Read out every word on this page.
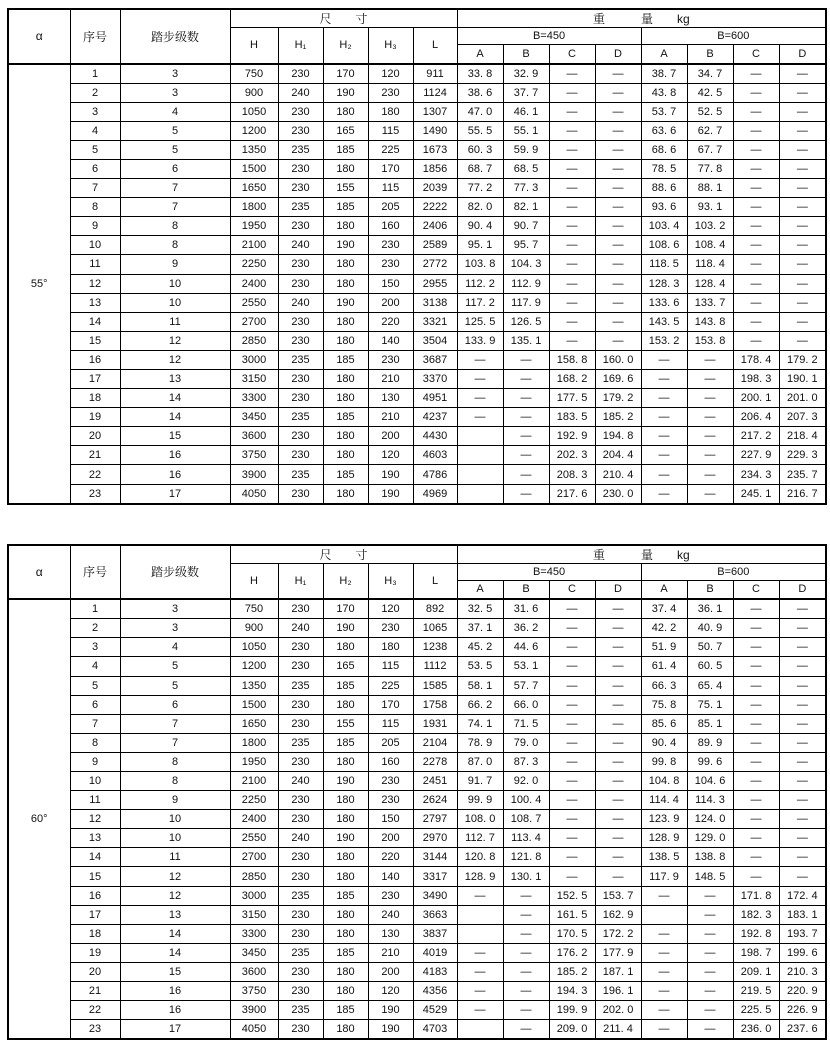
α	序号	踏步级数	尺　　寸					重　　　量　　kg							
			H	H₁	H₂	H₃	L	B=450				B=600			
								A	B	C	D	A	B	C	D
55°	1	3	750	230	170	120	911	33. 8	32. 9	—	—	38. 7	34. 7	—	—
	2	3	900	240	190	230	1124	38. 6	37. 7	—	—	43. 8	42. 5	—	—
	3	4	1050	230	180	180	1307	47. 0	46. 1	—	—	53. 7	52. 5	—	—
	4	5	1200	230	165	115	1490	55. 5	55. 1	—	—	63. 6	62. 7	—	—
	5	5	1350	235	185	225	1673	60. 3	59. 9	—	—	68. 6	67. 7	—	—
	6	6	1500	230	180	170	1856	68. 7	68. 5	—	—	78. 5	77. 8	—	—
	7	7	1650	230	155	115	2039	77. 2	77. 3	—	—	88. 6	88. 1	—	—
	8	7	1800	235	185	205	2222	82. 0	82. 1	—	—	93. 6	93. 1	—	—
	9	8	1950	230	180	160	2406	90. 4	90. 7	—	—	103. 4	103. 2	—	—
	10	8	2100	240	190	230	2589	95. 1	95. 7	—	—	108. 6	108. 4	—	—
	11	9	2250	230	180	230	2772	103. 8	104. 3	—	—	118. 5	118. 4	—	—
	12	10	2400	230	180	150	2955	112. 2	112. 9	—	—	128. 3	128. 4	—	—
	13	10	2550	240	190	200	3138	117. 2	117. 9	—	—	133. 6	133. 7	—	—
	14	11	2700	230	180	220	3321	125. 5	126. 5	—	—	143. 5	143. 8	—	—
	15	12	2850	230	180	140	3504	133. 9	135. 1	—	—	153. 2	153. 8	—	—
	16	12	3000	235	185	230	3687	—	—	158. 8	160. 0	—	—	178. 4	179. 2
	17	13	3150	230	180	210	3370	—	—	168. 2	169. 6	—	—	198. 3	190. 1
	18	14	3300	230	180	130	4951	—	—	177. 5	179. 2	—	—	200. 1	201. 0
	19	14	3450	235	185	210	4237	—	—	183. 5	185. 2	—	—	206. 4	207. 3
	20	15	3600	230	180	200	4430		—	192. 9	194. 8	—	—	217. 2	218. 4
	21	16	3750	230	180	120	4603		—	202. 3	204. 4	—	—	227. 9	229. 3
	22	16	3900	235	185	190	4786		—	208. 3	210. 4	—	—	234. 3	235. 7
	23	17	4050	230	180	190	4969		—	217. 6	230. 0	—	—	245. 1	216. 7
α	序号	踏步级数	尺　　寸					重　　　量　　kg							
			H	H₁	H₂	H₃	L	B=450				B=600			
								A	B	C	D	A	B	C	D
60°	1	3	750	230	170	120	892	32. 5	31. 6	—	—	37. 4	36. 1	—	—
	2	3	900	240	190	230	1065	37. 1	36. 2	—	—	42. 2	40. 9	—	—
	3	4	1050	230	180	180	1238	45. 2	44. 6	—	—	51. 9	50. 7	—	—
	4	5	1200	230	165	115	1112	53. 5	53. 1	—	—	61. 4	60. 5	—	—
	5	5	1350	235	185	225	1585	58. 1	57. 7	—	—	66. 3	65. 4	—	—
	6	6	1500	230	180	170	1758	66. 2	66. 0	—	—	75. 8	75. 1	—	—
	7	7	1650	230	155	115	1931	74. 1	71. 5	—	—	85. 6	85. 1	—	—
	8	7	1800	235	185	205	2104	78. 9	79. 0	—	—	90. 4	89. 9	—	—
	9	8	1950	230	180	160	2278	87. 0	87. 3	—	—	99. 8	99. 6	—	—
	10	8	2100	240	190	230	2451	91. 7	92. 0	—	—	104. 8	104. 6	—	—
	11	9	2250	230	180	230	2624	99. 9	100. 4	—	—	114. 4	114. 3	—	—
	12	10	2400	230	180	150	2797	108. 0	108. 7	—	—	123. 9	124. 0	—	—
	13	10	2550	240	190	200	2970	112. 7	113. 4	—	—	128. 9	129. 0	—	—
	14	11	2700	230	180	220	3144	120. 8	121. 8	—	—	138. 5	138. 8	—	—
	15	12	2850	230	180	140	3317	128. 9	130. 1	—	—	117. 9	148. 5	—	—
	16	12	3000	235	185	230	3490	—	—	152. 5	153. 7	—	—	171. 8	172. 4
	17	13	3150	230	180	240	3663		—	161. 5	162. 9		—	182. 3	183. 1
	18	14	3300	230	180	130	3837		—	170. 5	172. 2	—	—	192. 8	193. 7
	19	14	3450	235	185	210	4019	—	—	176. 2	177. 9	—	—	198. 7	199. 6
	20	15	3600	230	180	200	4183	—	—	185. 2	187. 1	—	—	209. 1	210. 3
	21	16	3750	230	180	120	4356	—	—	194. 3	196. 1	—	—	219. 5	220. 9
	22	16	3900	235	185	190	4529	—	—	199. 9	202. 0	—	—	225. 5	226. 9
	23	17	4050	230	180	190	4703		—	209. 0	211. 4	—	—	236. 0	237. 6
